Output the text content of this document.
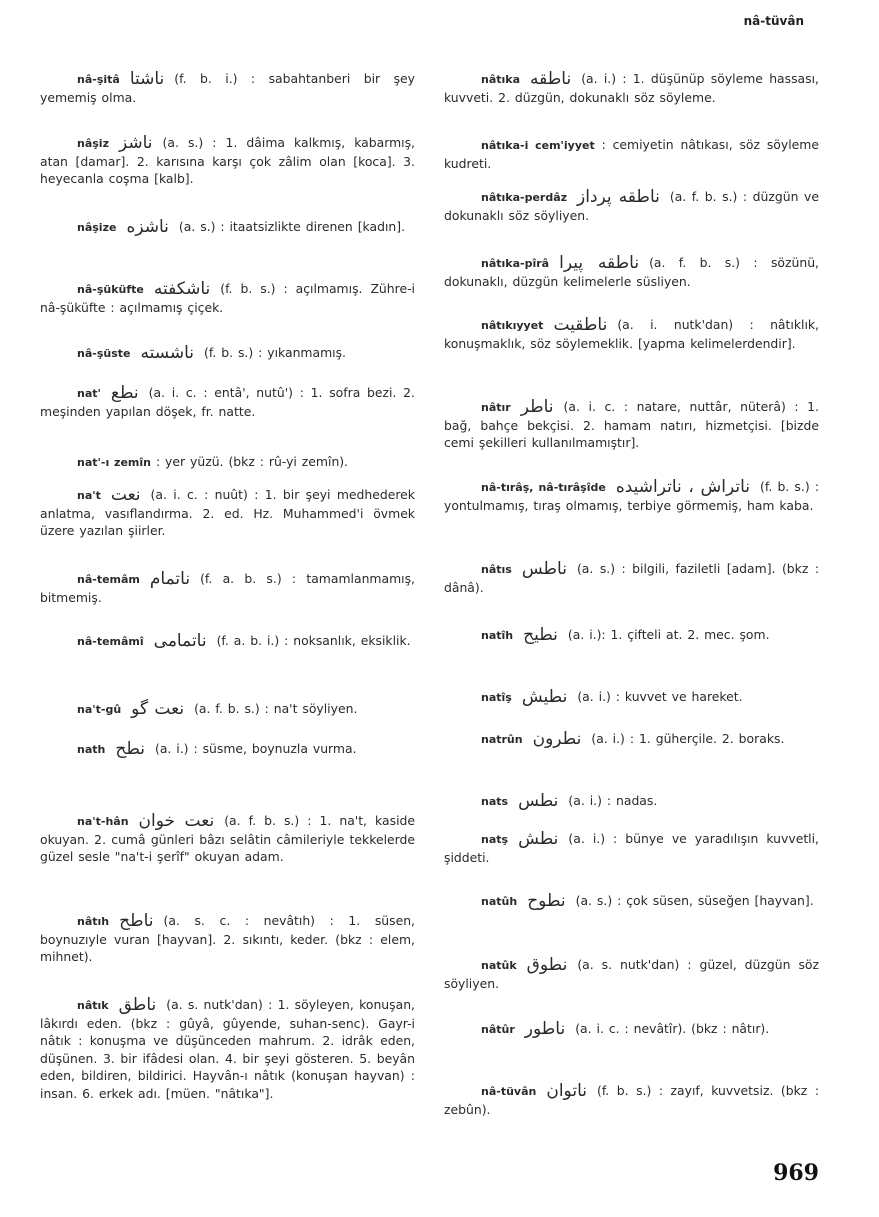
nâ-tüvân
nâ-şitâ ناشتا (f. b. i.) : sabahtanberi bir şey yememiş olma.
nâşiz ناشز (a. s.) : 1. dâima kalkmış, kabarmış, atan [damar]. 2. karısına karşı çok zâlim olan [koca]. 3. heyecanla coşma [kalb].
nâşize ناشزه (a. s.) : itaatsizlikte direnen [kadın].
nâ-şüküfte ناشکفته (f. b. s.) : açılmamış. Zühre-i nâ-şüküfte : açılmamış çiçek.
nâ-şüste ناشسته (f. b. s.) : yıkanmamış.
nat' نطع (a. i. c. : entâ', nutû') : 1. sofra bezi. 2. meşinden yapılan döşek, fr. natte.
nat'-ı zemîn : yer yüzü. (bkz : rû-yi zemîn).
na't نعت (a. i. c. : nuût) : 1. bir şeyi medhederek anlatma, vasıflandırma. 2. ed. Hz. Muhammed'i övmek üzere yazılan şiirler.
nâ-temâm ناتمام (f. a. b. s.) : tamamlanmamış, bitmemiş.
nâ-temâmî ناتمامى (f. a. b. i.) : noksanlık, eksiklik.
na't-gû نعت گو (a. f. b. s.) : na't söyliyen.
nath نطح (a. i.) : süsme, boynuzla vurma.
na't-hân نعت خوان (a. f. b. s.) : 1. na't, kaside okuyan. 2. cumâ günleri bâzı selâtin câmileriyle tekkelerde güzel sesle "na't-i şerîf" okuyan adam.
nâtıh ناطح (a. s. c. : nevâtıh) : 1. süsen, boynuzıyle vuran [hayvan]. 2. sıkıntı, keder. (bkz : elem, mihnet).
nâtık ناطق (a. s. nutk'dan) : 1. söyleyen, konuşan, lâkırdı eden. (bkz : gûyâ, gûyende, suhan-senc). Gayr-i nâtık : konuşma ve düşünceden mahrum. 2. idrâk eden, düşünen. 3. bir ifâdesi olan. 4. bir şeyi gösteren. 5. beyân eden, bildiren, bildirici. Hayvân-ı nâtık (konuşan hayvan) : insan. 6. erkek adı. [müen. "nâtıka"].
nâtıka ناطقه (a. i.) : 1. düşünüp söyleme hassası, kuvveti. 2. düzgün, dokunaklı söz söyleme.
nâtıka-i cem'iyyet : cemiyetin nâtıkası, söz söyleme kudreti.
nâtıka-perdâz ناطقه پرداز (a. f. b. s.) : düzgün ve dokunaklı söz söyliyen.
nâtıka-pîrâ ناطقه پيرا (a. f. b. s.) : sözünü, dokunaklı, düzgün kelimelerle süsliyen.
nâtıkıyyet ناطقيت (a. i. nutk'dan) : nâtıklık, konuşmaklık, söz söylemeklik. [yapma kelimelerdendir].
nâtır ناطر (a. i. c. : natare, nuttâr, nüterâ) : 1. bağ, bahçe bekçisi. 2. hamam natırı, hizmetçisi. [bizde cemi şekilleri kullanılmamıştır].
nâ-tırâş, nâ-tırâşîde ناتراش ، ناتراشيده (f. b. s.) : yontulmamış, tıraş olmamış, terbiye görmemiş, ham kaba.
nâtıs ناطس (a. s.) : bilgili, faziletli [adam]. (bkz : dânâ).
natîh نطيح (a. i.): 1. çifteli at. 2. mec. şom.
natîş نطيش (a. i.) : kuvvet ve hareket.
natrûn نطرون (a. i.) : 1. güherçile. 2. boraks.
nats نطس (a. i.) : nadas.
natş نطش (a. i.) : bünye ve yaradılışın kuvvetli, şiddeti.
natûh نطوح (a. s.) : çok süsen, süseğen [hayvan].
natûk نطوق (a. s. nutk'dan) : güzel, düzgün söz söyliyen.
nâtûr ناطور (a. i. c. : nevâtîr). (bkz : nâtır).
nâ-tüvân ناتوان (f. b. s.) : zayıf, kuvvetsiz. (bkz : zebûn).
969
